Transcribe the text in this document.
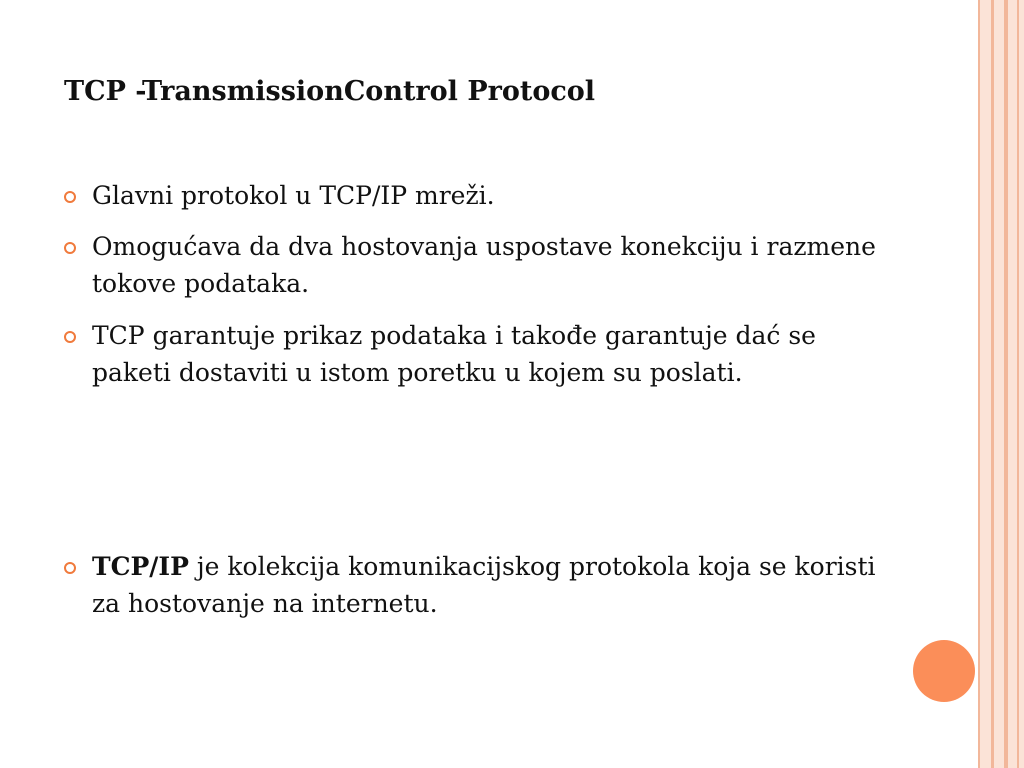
TCP -TransmissionControl Protocol
Glavni protokol u TCP/IP mreži.
Omogućava da dva hostovanja uspostave konekciju i razmene tokove podataka.
TCP garantuje prikaz podataka i takođe garantuje dać se paketi dostaviti u istom poretku u kojem su poslati.
TCP/IP je kolekcija komunikacijskog protokola koja se koristi za hostovanje na internetu.
